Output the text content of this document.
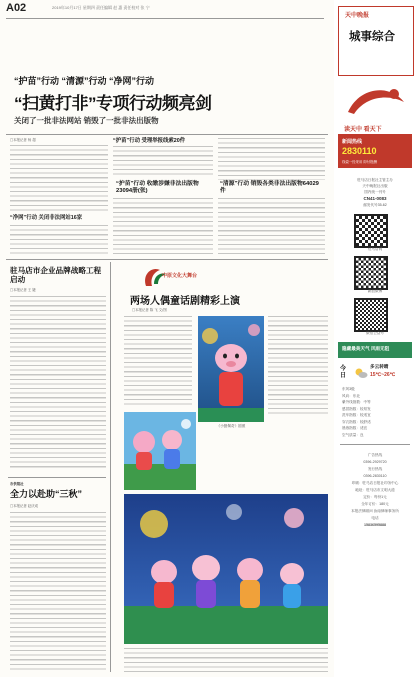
A02	2019年10月17日 星期四 责任编辑 赵 惠 责任校对 张 宁
“护苗”行动 “清源”行动 “净网”行动
“扫黄打非”专项行动频亮剑
关闭了一批非法网站 销毁了一批非法出版物
□本报记者 杨 超
“净网”行动 关闭非法网站16家
“护苗”行动 受理举报线索20件
“护苗”行动 收缴涉嫌非法出版物23094册(张)
“清源”行动 销毁各类非法出版物64029件
驻马店市企业品牌战略工程启动
□本报记者 王 婕
市供销社
全力以赴助“三秋”
□本报记者 赵庆成
中原文化大舞台
两场人偶童话剧精彩上演
□本报记者 陈 飞 文/图
《小猪佩奇》剧照
天中晚报
城事综合
读天中 看天下
新闻热线
2830110
线索一经采用 即付报酬
驻马店日报社主管主办
天中晚报社出版
国内统一刊号
CN41-0083
邮发代号35-62
驻马店网
新浪微博
微信公众号
隐藏最美天气 风雨无阻
今日
多云转晴
15℃~26℃
东风3级
风向：东北
紫外线指数：中等
感冒指数：较易发
洗车指数：较适宜
穿衣指数：较舒适
晨练指数：适宜
空气质量：良
广告热线
0396-2929720
发行热线
0396-2830110
印刷：驻马店日报社印务中心
地址：驻马店市文明大道
定价：每份1元
全年订价：180元
本报法律顾问 汝南律师事务所
电话
15836595888
